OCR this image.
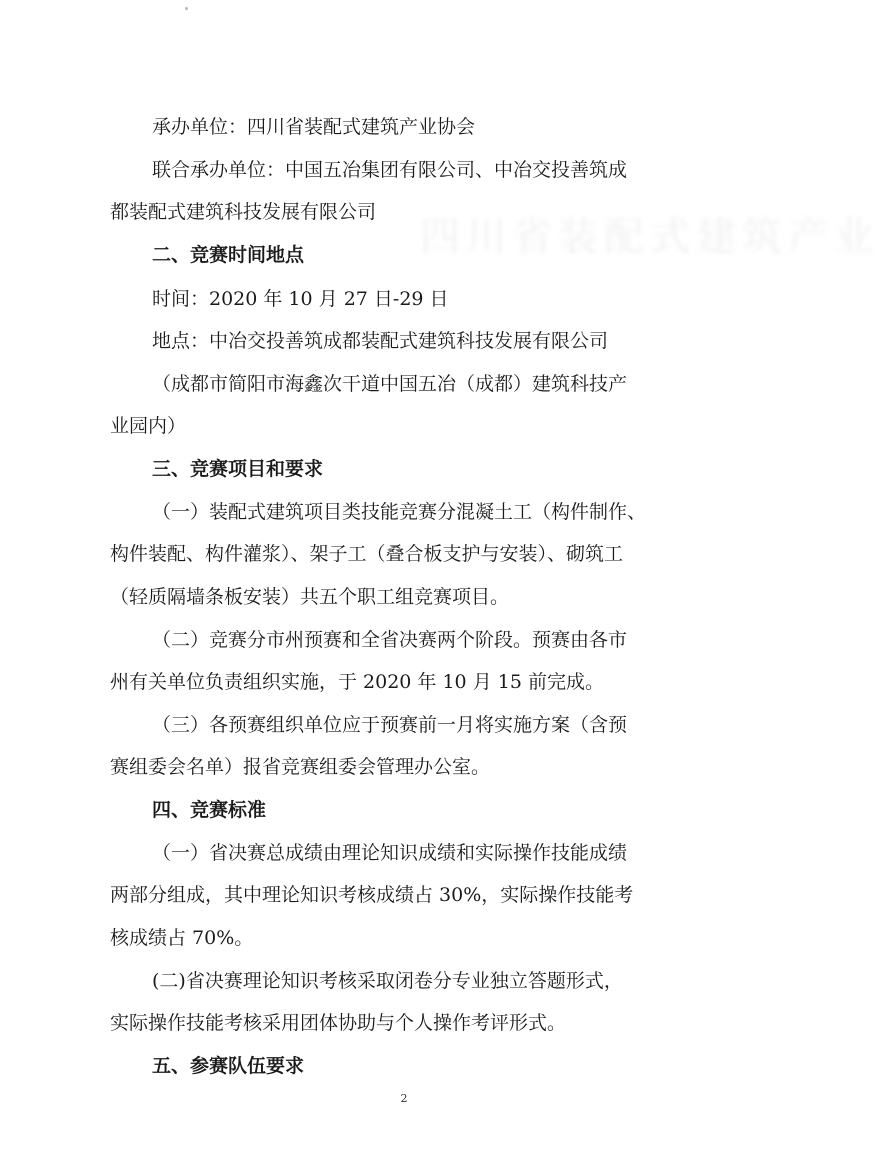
四川省装配式建筑产业

承办单位：四川省装配式建筑产业协会

联合承办单位：中国五冶集团有限公司、中冶交投善筑成

都装配式建筑科技发展有限公司

二、竞赛时间地点

时间：2020 年 10 月 27 日-29 日

地点：中冶交投善筑成都装配式建筑科技发展有限公司

（成都市简阳市海鑫次干道中国五冶（成都）建筑科技产

业园内）

三、竞赛项目和要求

（一）装配式建筑项目类技能竞赛分混凝土工（构件制作、

构件装配、构件灌浆）、架子工（叠合板支护与安装）、砌筑工

（轻质隔墙条板安装）共五个职工组竞赛项目。

（二）竞赛分市州预赛和全省决赛两个阶段。预赛由各市

州有关单位负责组织实施，于 2020 年 10 月 15 前完成。

（三）各预赛组织单位应于预赛前一月将实施方案（含预

赛组委会名单）报省竞赛组委会管理办公室。

四、竞赛标准

（一）省决赛总成绩由理论知识成绩和实际操作技能成绩

两部分组成，其中理论知识考核成绩占 30%，实际操作技能考

核成绩占 70%。

(二)省决赛理论知识考核采取闭卷分专业独立答题形式，

实际操作技能考核采用团体协助与个人操作考评形式。

五、参赛队伍要求

2
